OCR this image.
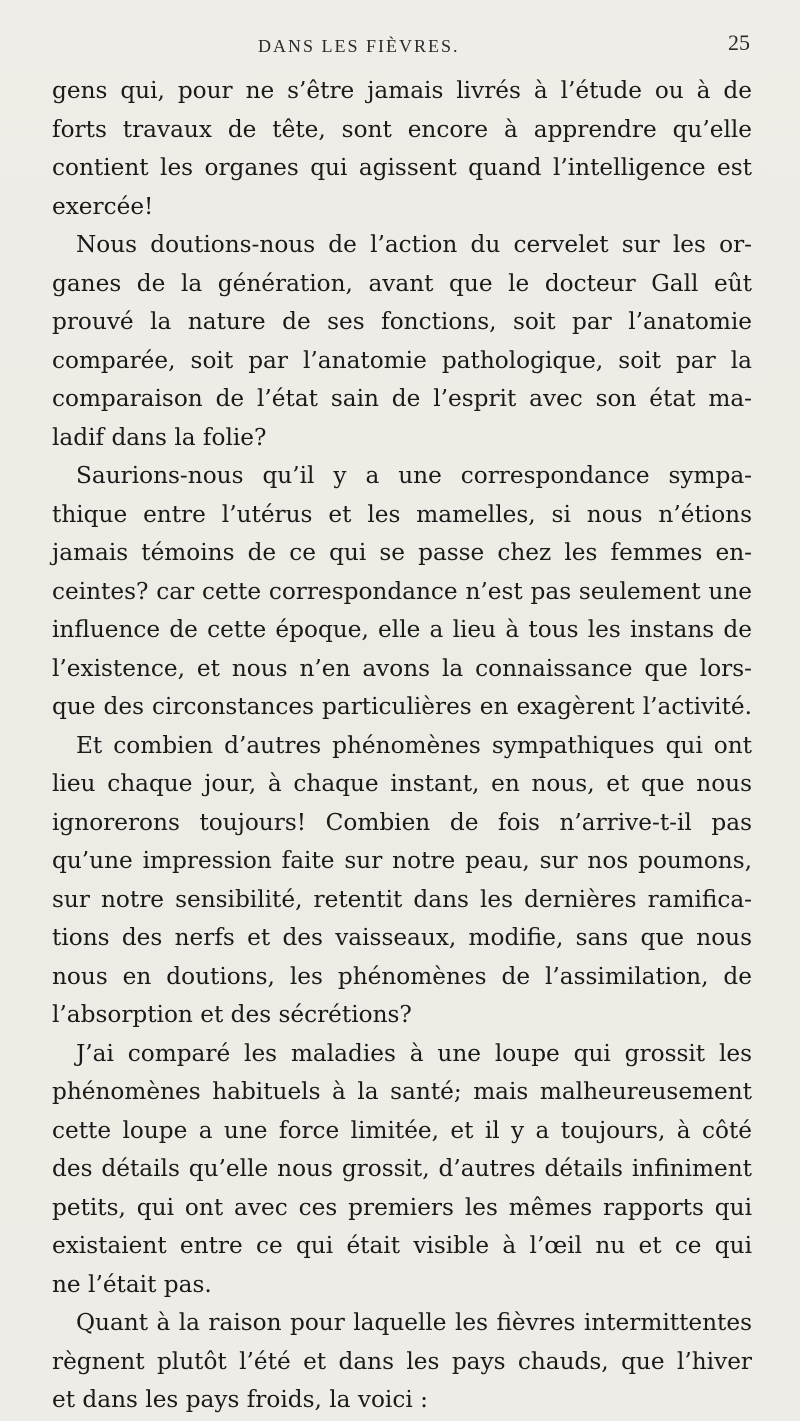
DANS LES FIÈVRES.	25
gens qui, pour ne s’être jamais livrés à l’étude ou à de
forts travaux de tête, sont encore à apprendre qu’elle
contient les organes qui agissent quand l’intelligence est
exercée!
Nous doutions-nous de l’action du cervelet sur les or-
ganes de la génération, avant que le docteur Gall eût
prouvé la nature de ses fonctions, soit par l’anatomie
comparée, soit par l’anatomie pathologique, soit par la
comparaison de l’état sain de l’esprit avec son état ma-
ladif dans la folie?
Saurions-nous qu’il y a une correspondance sympa-
thique entre l’utérus et les mamelles, si nous n’étions
jamais témoins de ce qui se passe chez les femmes en-
ceintes? car cette correspondance n’est pas seulement une
influence de cette époque, elle a lieu à tous les instans de
l’existence, et nous n’en avons la connaissance que lors-
que des circonstances particulières en exagèrent l’activité.
Et combien d’autres phénomènes sympathiques qui ont
lieu chaque jour, à chaque instant, en nous, et que nous
ignorerons toujours! Combien de fois n’arrive-t-il pas
qu’une impression faite sur notre peau, sur nos poumons,
sur notre sensibilité, retentit dans les dernières ramifica-
tions des nerfs et des vaisseaux, modifie, sans que nous
nous en doutions, les phénomènes de l’assimilation, de
l’absorption et des sécrétions?
J’ai comparé les maladies à une loupe qui grossit les
phénomènes habituels à la santé; mais malheureusement
cette loupe a une force limitée, et il y a toujours, à côté
des détails qu’elle nous grossit, d’autres détails infiniment
petits, qui ont avec ces premiers les mêmes rapports qui
existaient entre ce qui était visible à l’œil nu et ce qui
ne l’était pas.
Quant à la raison pour laquelle les fièvres intermittentes
règnent plutôt l’été et dans les pays chauds, que l’hiver
et dans les pays froids, la voici :
